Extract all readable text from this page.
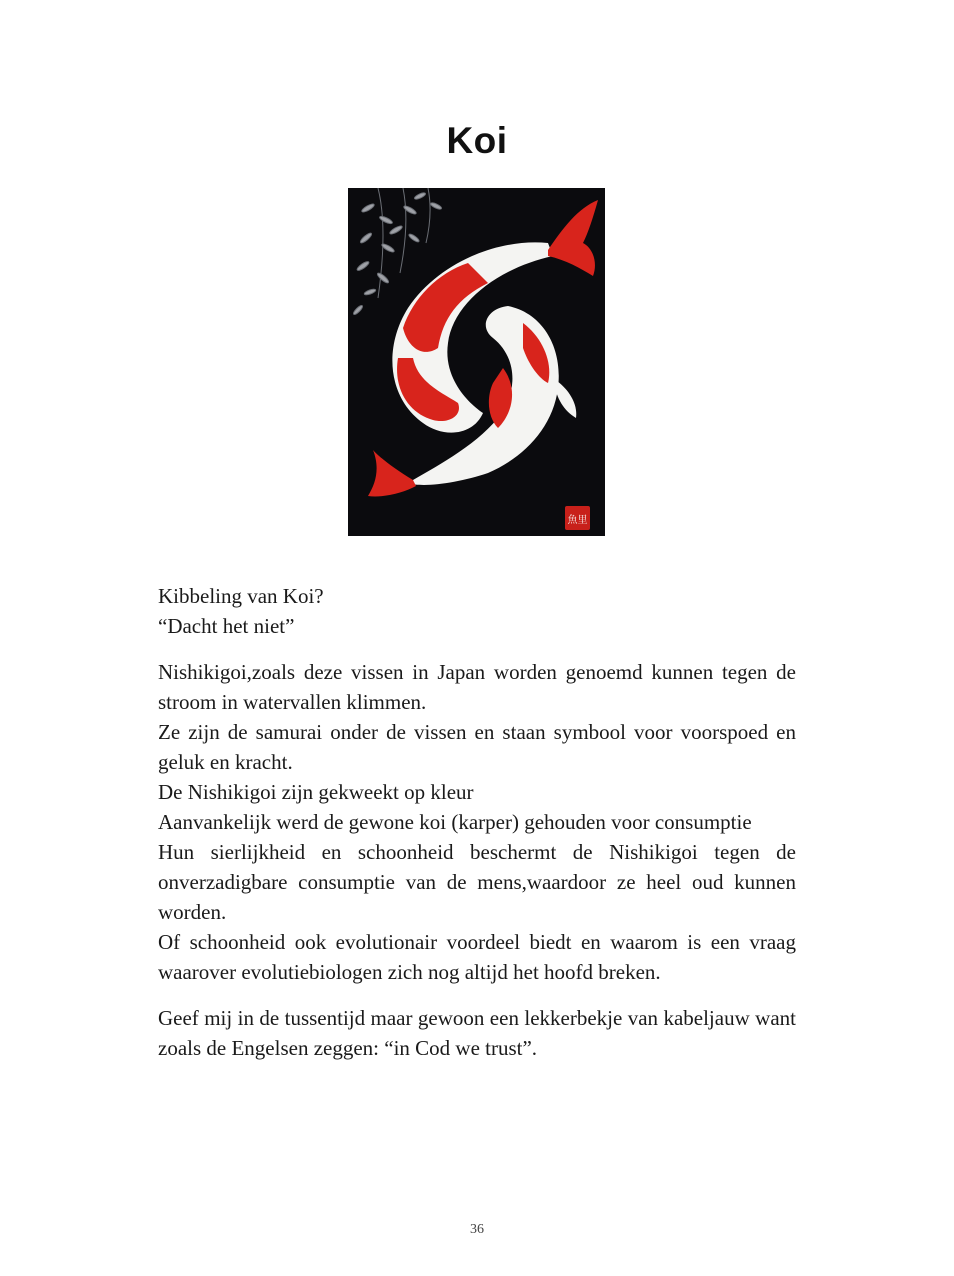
Koi
魚里

Kibbeling van Koi?

“Dacht het niet”

Nishikigoi,zoals deze vissen in Japan worden genoemd kunnen tegen de stroom in watervallen klimmen.

Ze zijn de samurai onder de vissen en staan symbool voor voorspoed en geluk en kracht.

De Nishikigoi zijn gekweekt op kleur

Aanvankelijk werd de gewone koi (karper) gehouden voor consumptie

Hun sierlijkheid en schoonheid beschermt de Nishikigoi tegen de onverzadigbare consumptie van de mens,waardoor ze heel oud kunnen worden.

Of schoonheid ook evolutionair voordeel biedt en waarom is een vraag waarover evolutiebiologen zich nog altijd het hoofd breken.

Geef mij in de tussentijd maar gewoon een lekkerbekje van kabeljauw want zoals de Engelsen zeggen: “in Cod we trust”.

36
